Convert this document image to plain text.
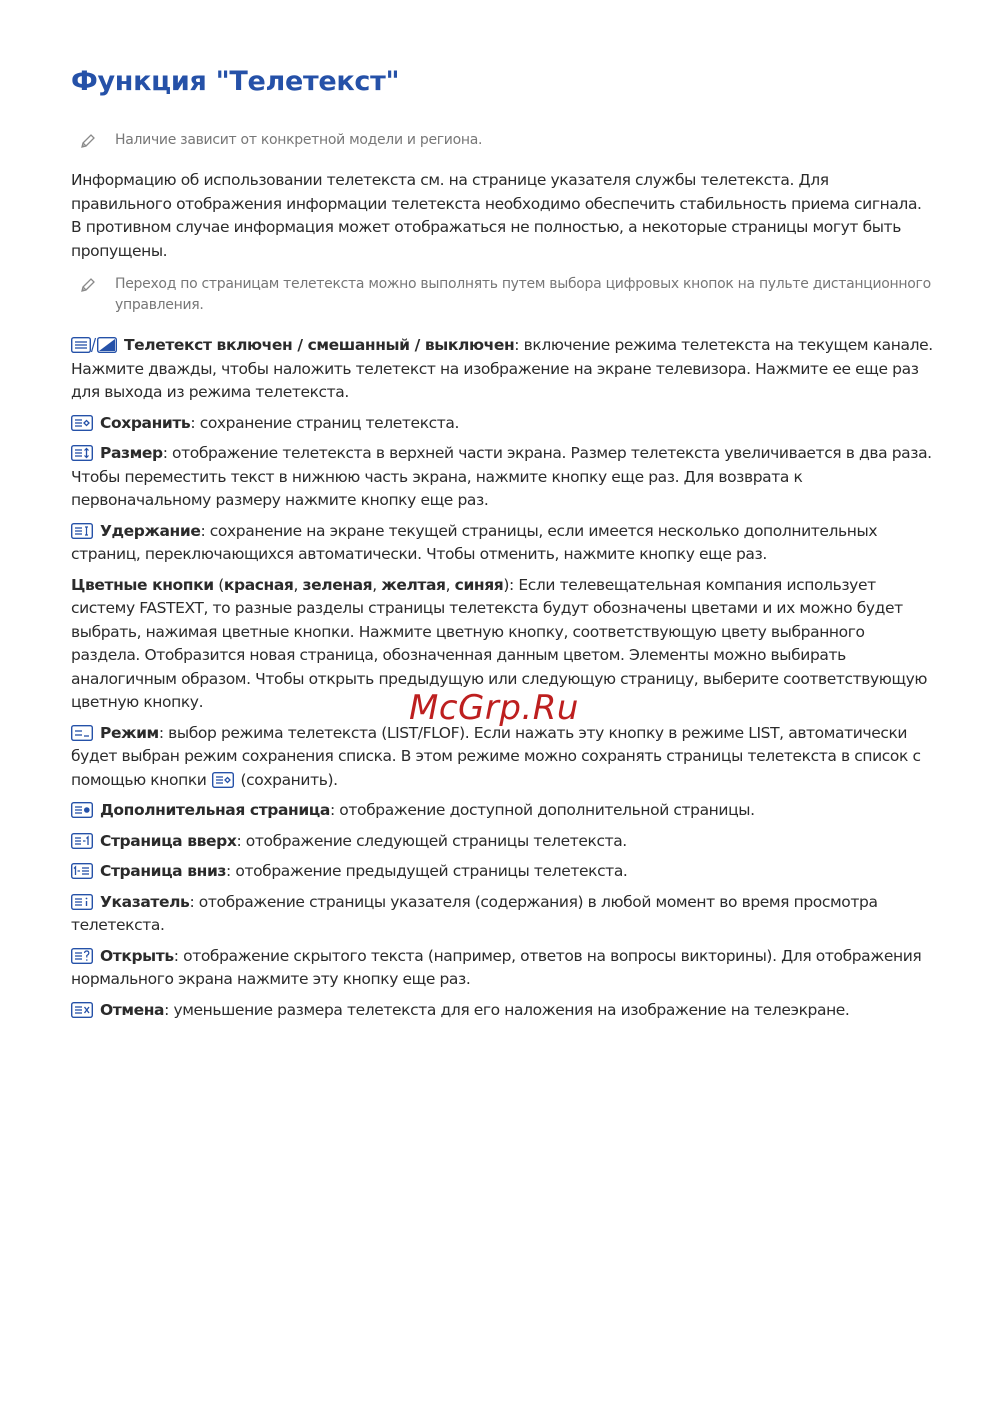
Функция "Телетекст"
Наличие зависит от конкретной модели и региона.

Информацию об использовании телетекста см. на странице указателя службы телетекста. Для правильного отображения информации телетекста необходимо обеспечить стабильность приема сигнала. В противном случае информация может отображаться не полностью, а некоторые страницы могут быть пропущены.

Переход по страницам телетекста можно выполнять путем выбора цифровых кнопок на пульте дистанционного управления.

Телетекст включен / смешанный / выключен: включение режима телетекста на текущем канале. Нажмите дважды, чтобы наложить телетекст на изображение на экране телевизора. Нажмите ее еще раз для выхода из режима телетекста.

Сохранить: сохранение страниц телетекста.

Размер: отображение телетекста в верхней части экрана. Размер телетекста увеличивается в два раза. Чтобы переместить текст в нижнюю часть экрана, нажмите кнопку еще раз. Для возврата к первоначальному размеру нажмите кнопку еще раз.

Удержание: сохранение на экране текущей страницы, если имеется несколько дополнительных страниц, переключающихся автоматически. Чтобы отменить, нажмите кнопку еще раз.

Цветные кнопки (красная, зеленая, желтая, синяя): Если телевещательная компания использует систему FASTEXT, то разные разделы страницы телетекста будут обозначены цветами и их можно будет выбрать, нажимая цветные кнопки. Нажмите цветную кнопку, соответствующую цвету выбранного раздела. Отобразится новая страница, обозначенная данным цветом. Элементы можно выбирать аналогичным образом. Чтобы открыть предыдущую или следующую страницу, выберите соответствующую цветную кнопку.

Режим: выбор режима телетекста (LIST/FLOF). Если нажать эту кнопку в режиме LIST, автоматически будет выбран режим сохранения списка. В этом режиме можно сохранять страницы телетекста в список с помощью кнопки
(сохранить).

Дополнительная страница: отображение доступной дополнительной страницы.

Страница вверх: отображение следующей страницы телетекста.

Страница вниз: отображение предыдущей страницы телетекста.

Указатель: отображение страницы указателя (содержания) в любой момент во время просмотра телетекста.

Открыть: отображение скрытого текста (например, ответов на вопросы викторины). Для отображения нормального экрана нажмите эту кнопку еще раз.

Отмена: уменьшение размера телетекста для его наложения на изображение на телеэкране.

McGrp.Ru
